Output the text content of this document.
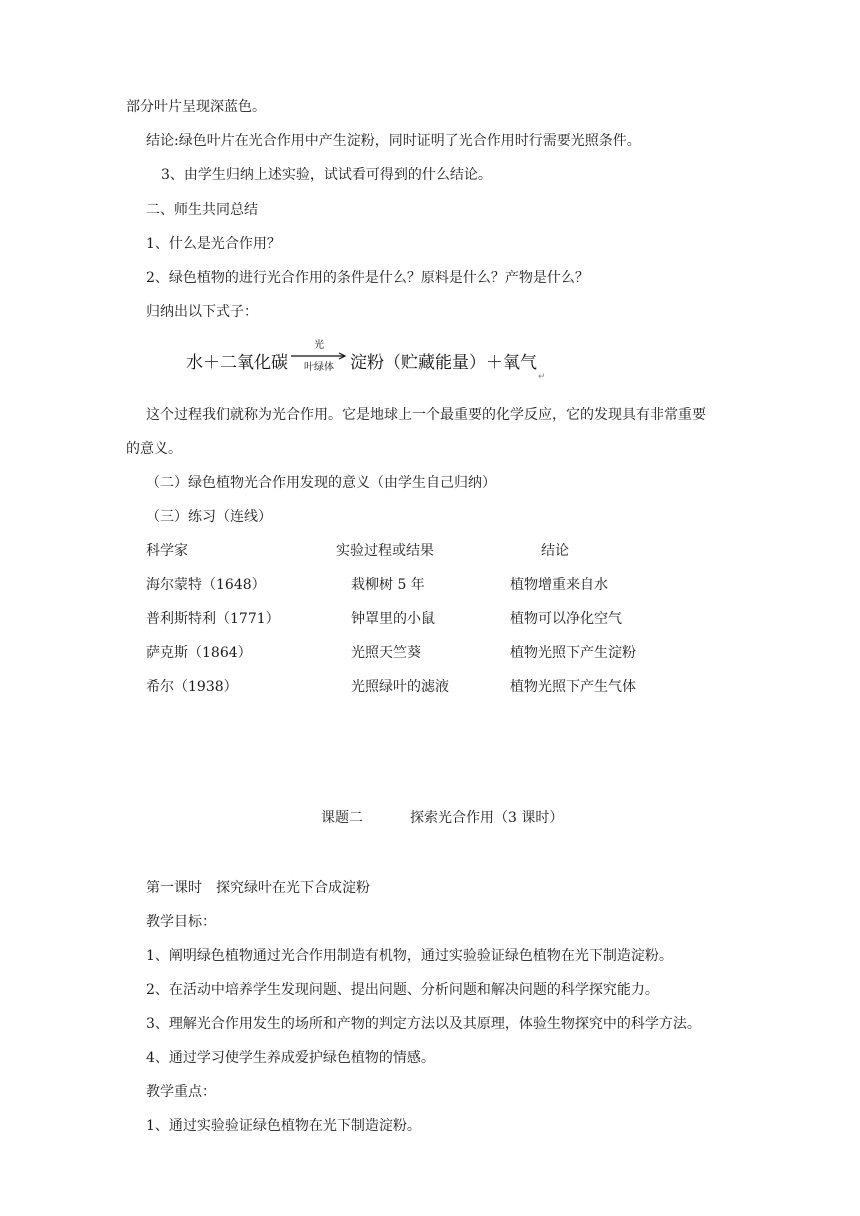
部分叶片呈现深蓝色。
结论:绿色叶片在光合作用中产生淀粉，同时证明了光合作用时行需要光照条件。
3、由学生归纳上述实验，试试看可得到的什么结论。
二、师生共同总结
1、什么是光合作用？
2、绿色植物的进行光合作用的条件是什么？原料是什么？产物是什么？
归纳出以下式子：
水＋二氧化碳
光
叶绿体 淀粉（贮藏能量）＋氧气
↵
这个过程我们就称为光合作用。它是地球上一个最重要的化学反应，它的发现具有非常重要
的意义。
（二）绿色植物光合作用发现的意义（由学生自己归纳）
（三）练习（连线）
科学家	实验过程或结果	结论
海尔蒙特（1648）	栽柳树 5 年	植物增重来自水
普利斯特利（1771）	钟罩里的小鼠	植物可以净化空气
萨克斯（1864）	光照天竺葵	植物光照下产生淀粉
希尔（1938）	光照绿叶的滤液	植物光照下产生气体
课题二	探索光合作用（3 课时）
第一课时　探究绿叶在光下合成淀粉
教学目标：
1、阐明绿色植物通过光合作用制造有机物，通过实验验证绿色植物在光下制造淀粉。
2、在活动中培养学生发现问题、提出问题、分析问题和解决问题的科学探究能力。
3、理解光合作用发生的场所和产物的判定方法以及其原理，体验生物探究中的科学方法。
4、通过学习使学生养成爱护绿色植物的情感。
教学重点：
1、通过实验验证绿色植物在光下制造淀粉。
